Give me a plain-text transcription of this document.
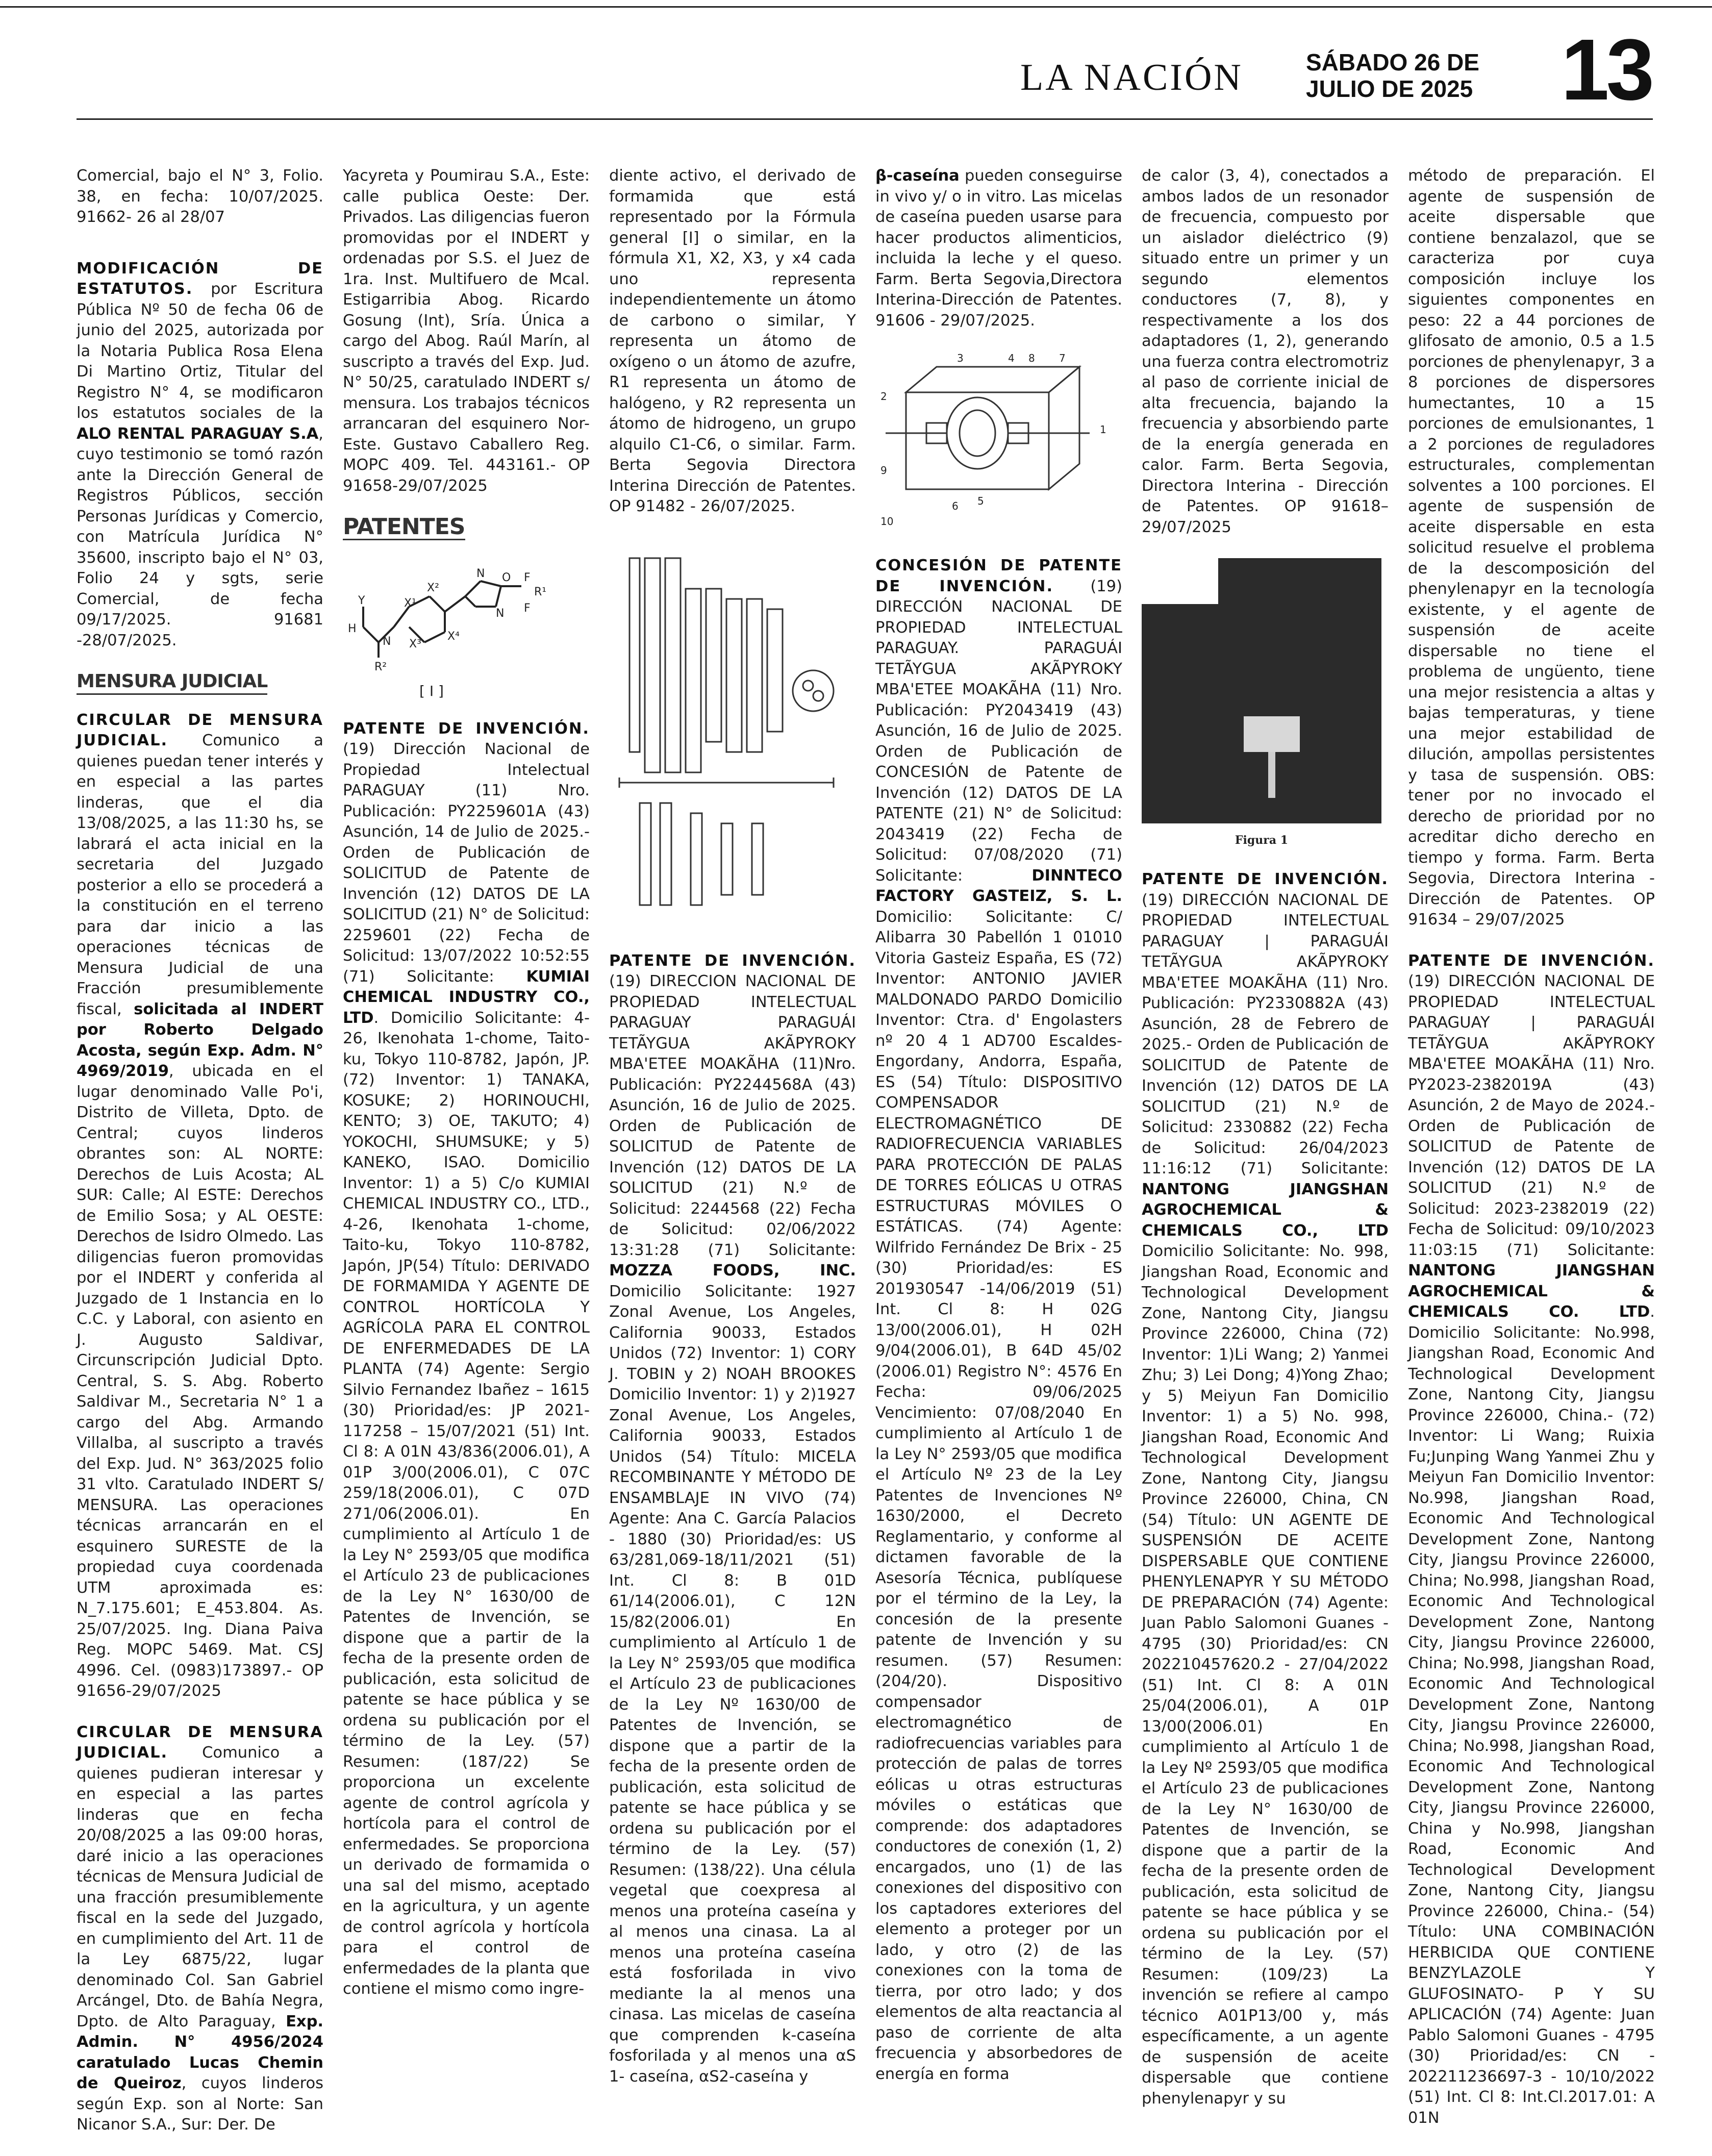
LA NACIÓN	SÁBADO 26 DE
JULIO DE 2025	13

Comercial, bajo el N° 3, Folio. 38, en fecha: 10/07/2025. 91662- 26 al 28/07

MODIFICACIÓN DE ESTATUTOS. por Escritura Pública Nº 50 de fecha 06 de junio del 2025, autorizada por la Notaria Publica Rosa Elena Di Martino Ortiz, Titular del Registro N° 4, se modificaron los estatutos sociales de la ALO RENTAL PARAGUAY S.A, cuyo testimonio se tomó razón ante la Dirección General de Registros Públicos, sección Personas Jurídicas y Comercio, con Matrícula Jurídica N° 35600, inscripto bajo el N° 03, Folio 24 y sgts, serie Comercial, de fecha 09/17/2025. 91681 -28/07/2025.

MENSURA JUDICIAL

CIRCULAR DE MENSURA JUDICIAL. Comunico a quienes puedan tener interés y en especial a las partes linderas, que el dia 13/08/2025, a las 11:30 hs, se labrará el acta inicial en la secretaria del Juzgado posterior a ello se procederá a la constitución en el terreno para dar inicio a las operaciones técnicas de Mensura Judicial de una Fracción presumiblemente fiscal, solicitada al INDERT por Roberto Delgado Acosta, según Exp. Adm. N° 4969/2019, ubicada en el lugar denominado Valle Po'i, Distrito de Villeta, Dpto. de Central; cuyos linderos obrantes son: AL NORTE: Derechos de Luis Acosta; AL SUR: Calle; Al ESTE: Derechos de Emilio Sosa; y AL OESTE: Derechos de Isidro Olmedo. Las diligencias fueron promovidas por el INDERT y conferida al Juzgado de 1 Instancia en lo C.C. y Laboral, con asiento en J. Augusto Saldivar, Circunscripción Judicial Dpto. Central, S. S. Abg. Roberto Saldivar M., Secretaria N° 1 a cargo del Abg. Armando Villalba, al suscripto a través del Exp. Jud. N° 363/2025 folio 31 vlto. Caratulado INDERT S/ MENSURA. Las operaciones técnicas arrancarán en el esquinero SURESTE de la propiedad cuya coordenada UTM aproximada es: N_7.175.601; E_453.804. As. 25/07/2025. Ing. Diana Paiva Reg. MOPC 5469. Mat. CSJ 4996. Cel. (0983)173897.- OP 91656-29/07/2025

CIRCULAR DE MENSURA JUDICIAL. Comunico a quienes pudieran interesar y en especial a las partes linderas que en fecha 20/08/2025 a las 09:00 horas, daré inicio a las operaciones técnicas de Mensura Judicial de una fracción presumiblemente fiscal en la sede del Juzgado, en cumplimiento del Art. 11 de la Ley 6875/22, lugar denominado Col. San Gabriel Arcángel, Dto. de Bahía Negra, Dpto. de Alto Paraguay, Exp. Admin. N° 4956/2024 caratulado Lucas Chemin de Queiroz, cuyos linderos según Exp. son al Norte: San Nicanor S.A., Sur: Der. De

Yacyreta y Poumirau S.A., Este: calle publica Oeste: Der. Privados. Las diligencias fueron promovidas por el INDERT y ordenadas por S.S. el Juez de 1ra. Inst. Multifuero de Mcal. Estigarribia Abog. Ricardo Gosung (Int), Sría. Única a cargo del Abog. Raúl Marín, al suscripto a través del Exp. Jud. N° 50/25, caratulado INDERT s/ mensura. Los trabajos técnicos arrancaran del esquinero Nor-Este. Gustavo Caballero Reg. MOPC 409. Tel. 443161.- OP 91658-29/07/2025

PATENTES
Y
H
N
R²
X¹
X²
X³
X⁴
N O
N
F
F
R¹
[ I ]

PATENTE DE INVENCIÓN. (19) Dirección Nacional de Propiedad Intelectual PARAGUAY (11) Nro. Publicación: PY2259601A (43) Asunción, 14 de Julio de 2025.- Orden de Publicación de SOLICITUD de Patente de Invención (12) DATOS DE LA SOLICITUD (21) N° de Solicitud: 2259601 (22) Fecha de Solicitud: 13/07/2022 10:52:55 (71) Solicitante: KUMIAI CHEMICAL INDUSTRY CO., LTD. Domicilio Solicitante: 4-26, Ikenohata 1-chome, Taito-ku, Tokyo 110-8782, Japón, JP. (72) Inventor: 1) TANAKA, KOSUKE; 2) HORINOUCHI, KENTO; 3) OE, TAKUTO; 4) YOKOCHI, SHUMSUKE; y 5) KANEKO, ISAO. Domicilio Inventor: 1) a 5) C/o KUMIAI CHEMICAL INDUSTRY CO., LTD., 4-26, Ikenohata 1-chome, Taito-ku, Tokyo 110-8782, Japón, JP(54) Título: DERIVADO DE FORMAMIDA Y AGENTE DE CONTROL HORTÍCOLA Y AGRÍCOLA PARA EL CONTROL DE ENFERMEDADES DE LA PLANTA (74) Agente: Sergio Silvio Fernandez Ibañez – 1615 (30) Prioridad/es: JP 2021-117258 – 15/07/2021 (51) Int. Cl 8: A 01N 43/836(2006.01), A 01P 3/00(2006.01), C 07C 259/18(2006.01), C 07D 271/06(2006.01). En cumplimiento al Artículo 1 de la Ley N° 2593/05 que modifica el Artículo 23 de publicaciones de la Ley N° 1630/00 de Patentes de Invención, se dispone que a partir de la fecha de la presente orden de publicación, esta solicitud de patente se hace pública y se ordena su publicación por el término de la Ley. (57) Resumen: (187/22) Se proporciona un excelente agente de control agrícola y hortícola para el control de enfermedades. Se proporciona un derivado de formamida o una sal del mismo, aceptado en la agricultura, y un agente de control agrícola y hortícola para el control de enfermedades de la planta que contiene el mismo como ingre-

diente activo, el derivado de formamida que está representado por la Fórmula general [I] o similar, en la fórmula X1, X2, X3, y x4 cada uno representa independientemente un átomo de carbono o similar, Y representa un átomo de oxígeno o un átomo de azufre, R1 representa un átomo de halógeno, y R2 representa un átomo de hidrogeno, un grupo alquilo C1-C6, o similar. Farm. Berta Segovia Directora Interina Dirección de Patentes. OP 91482 - 26/07/2025.

PATENTE DE INVENCIÓN. (19) DIRECCION NACIONAL DE PROPIEDAD INTELECTUAL PARAGUAY PARAGUÁI TETÃYGUA AKÃPYROKY MBA'ETEE MOAKÃHA (11)Nro. Publicación: PY2244568A (43) Asunción, 16 de Julio de 2025. Orden de Publicación de SOLICITUD de Patente de Invención (12) DATOS DE LA SOLICITUD (21) N.º de Solicitud: 2244568 (22) Fecha de Solicitud: 02/06/2022 13:31:28 (71) Solicitante: MOZZA FOODS, INC. Domicilio Solicitante: 1927 Zonal Avenue, Los Angeles, California 90033, Estados Unidos (72) Inventor: 1) CORY J. TOBIN y 2) NOAH BROOKES Domicilio Inventor: 1) y 2)1927 Zonal Avenue, Los Angeles, California 90033, Estados Unidos (54) Título: MICELA RECOMBINANTE Y MÉTODO DE ENSAMBLAJE IN VIVO (74) Agente: Ana C. García Palacios - 1880 (30) Prioridad/es: US 63/281,069-18/11/2021 (51) Int. Cl 8: B 01D 61/14(2006.01), C 12N 15/82(2006.01) En cumplimiento al Artículo 1 de la Ley N° 2593/05 que modifica el Artículo 23 de publicaciones de la Ley Nº 1630/00 de Patentes de Invención, se dispone que a partir de la fecha de la presente orden de publicación, esta solicitud de patente se hace pública y se ordena su publicación por el término de la Ley. (57) Resumen: (138/22). Una célula vegetal que coexpresa al menos una proteína caseína y al menos una cinasa. La al menos una proteína caseína está fosforilada in vivo mediante la al menos una cinasa. Las micelas de caseína que comprenden k-caseína fosforilada y al menos una αS 1- caseína, αS2-caseína y

β-caseína pueden conseguirse in vivo y/ o in vitro. Las micelas de caseína pueden usarse para hacer productos alimenticios, incluida la leche y el queso. Farm. Berta Segovia,Directora Interina-Dirección de Patentes. 91606 - 29/07/2025.

2
1
3	4
5
6
7
8
9
10

CONCESIÓN DE PATENTE DE INVENCIÓN. (19) DIRECCIÓN NACIONAL DE PROPIEDAD INTELECTUAL PARAGUAY. PARAGUÁI TETÃYGUA AKÃPYROKY MBA'ETEE MOAKÃHA (11) Nro. Publicación: PY2043419 (43) Asunción, 16 de Julio de 2025. Orden de Publicación de CONCESIÓN de Patente de Invención (12) DATOS DE LA PATENTE (21) N° de Solicitud: 2043419 (22) Fecha de Solicitud: 07/08/2020 (71) Solicitante: DINNTECO FACTORY GASTEIZ, S. L. Domicilio: Solicitante: C/ Alibarra 30 Pabellón 1 01010 Vitoria Gasteiz España, ES (72) Inventor: ANTONIO JAVIER MALDONADO PARDO Domicilio Inventor: Ctra. d' Engolasters nº 20 4 1 AD700 Escaldes- Engordany, Andorra, España, ES (54) Título: DISPOSITIVO COMPENSADOR ELECTROMAGNÉTICO DE RADIOFRECUENCIA VARIABLES PARA PROTECCIÓN DE PALAS DE TORRES EÓLICAS U OTRAS ESTRUCTURAS MÓVILES O ESTÁTICAS. (74) Agente: Wilfrido Fernández De Brix - 25 (30) Prioridad/es: ES 201930547 -14/06/2019 (51) Int. Cl 8: H 02G 13/00(2006.01), H 02H 9/04(2006.01), B 64D 45/02 (2006.01) Registro N°: 4576 En Fecha: 09/06/2025 Vencimiento: 07/08/2040 En cumplimiento al Artículo 1 de la Ley N° 2593/05 que modifica el Artículo Nº 23 de la Ley Patentes de Invenciones Nº 1630/2000, el Decreto Reglamentario, y conforme al dictamen favorable de la Asesoría Técnica, publíquese por el término de la Ley, la concesión de la presente patente de Invención y su resumen. (57) Resumen: (204/20). Dispositivo compensador electromagnético de radiofrecuencias variables para protección de palas de torres eólicas u otras estructuras móviles o estáticas que comprende: dos adaptadores conductores de conexión (1, 2) encargados, uno (1) de las conexiones del dispositivo con los captadores exteriores del elemento a proteger por un lado, y otro (2) de las conexiones con la toma de tierra, por otro lado; y dos elementos de alta reactancia al paso de corriente de alta frecuencia y absorbedores de energía en forma

de calor (3, 4), conectados a ambos lados de un resonador de frecuencia, compuesto por un aislador dieléctrico (9) situado entre un primer y un segundo elementos conductores (7, 8), y respectivamente a los dos adaptadores (1, 2), generando una fuerza contra electromotriz al paso de corriente inicial de alta frecuencia, bajando la frecuencia y absorbiendo parte de la energía generada en calor. Farm. Berta Segovia, Directora Interina - Dirección de Patentes. OP 91618– 29/07/2025

Figura 1

PATENTE DE INVENCIÓN. (19) DIRECCIÓN NACIONAL DE PROPIEDAD INTELECTUAL PARAGUAY | PARAGUÁI TETÃYGUA AKÃPYROKY MBA'ETEE MOAKÃHA (11) Nro. Publicación: PY2330882A (43) Asunción, 28 de Febrero de 2025.- Orden de Publicación de SOLICITUD de Patente de Invención (12) DATOS DE LA SOLICITUD (21) N.º de Solicitud: 2330882 (22) Fecha de Solicitud: 26/04/2023 11:16:12 (71) Solicitante: NANTONG JIANGSHAN AGROCHEMICAL & CHEMICALS CO., LTD Domicilio Solicitante: No. 998, Jiangshan Road, Economic and Technological Development Zone, Nantong City, Jiangsu Province 226000, China (72) Inventor: 1)Li Wang; 2) Yanmei Zhu; 3) Lei Dong; 4)Yong Zhao; y 5) Meiyun Fan Domicilio Inventor: 1) a 5) No. 998, Jiangshan Road, Economic And Technological Development Zone, Nantong City, Jiangsu Province 226000, China, CN (54) Título: UN AGENTE DE SUSPENSIÓN DE ACEITE DISPERSABLE QUE CONTIENE PHENYLENAPYR Y SU MÉTODO DE PREPARACIÓN (74) Agente: Juan Pablo Salomoni Guanes - 4795 (30) Prioridad/es: CN 202210457620.2 - 27/04/2022 (51) Int. Cl 8: A 01N 25/04(2006.01), A 01P 13/00(2006.01) En cumplimiento al Artículo 1 de la Ley Nº 2593/05 que modifica el Artículo 23 de publicaciones de la Ley N° 1630/00 de Patentes de Invención, se dispone que a partir de la fecha de la presente orden de publicación, esta solicitud de patente se hace pública y se ordena su publicación por el término de la Ley. (57) Resumen: (109/23) La invención se refiere al campo técnico A01P13/00 y, más específicamente, a un agente de suspensión de aceite dispersable que contiene phenylenapyr y su

método de preparación. El agente de suspensión de aceite dispersable que contiene benzalazol, que se caracteriza por cuya composición incluye los siguientes componentes en peso: 22 a 44 porciones de glifosato de amonio, 0.5 a 1.5 porciones de phenylenapyr, 3 a 8 porciones de dispersores humectantes, 10 a 15 porciones de emulsionantes, 1 a 2 porciones de reguladores estructurales, complementan solventes a 100 porciones. El agente de suspensión de aceite dispersable en esta solicitud resuelve el problema de la descomposición del phenylenapyr en la tecnología existente, y el agente de suspensión de aceite dispersable no tiene el problema de ungüento, tiene una mejor resistencia a altas y bajas temperaturas, y tiene una mejor estabilidad de dilución, ampollas persistentes y tasa de suspensión. OBS: tener por no invocado el derecho de prioridad por no acreditar dicho derecho en tiempo y forma. Farm. Berta Segovia, Directora Interina - Dirección de Patentes. OP 91634 – 29/07/2025

PATENTE DE INVENCIÓN. (19) DIRECCIÓN NACIONAL DE PROPIEDAD INTELECTUAL PARAGUAY | PARAGUÁI TETÃYGUA AKÃPYROKY MBA'ETEE MOAKÃHA (11) Nro. PY2023-2382019A (43) Asunción, 2 de Mayo de 2024.- Orden de Publicación de SOLICITUD de Patente de Invención (12) DATOS DE LA SOLICITUD (21) N.º de Solicitud: 2023-2382019 (22) Fecha de Solicitud: 09/10/2023 11:03:15 (71) Solicitante: NANTONG JIANGSHAN AGROCHEMICAL & CHEMICALS CO. LTD. Domicilio Solicitante: No.998, Jiangshan Road, Economic And Technological Development Zone, Nantong City, Jiangsu Province 226000, China.- (72) Inventor: Li Wang; Ruixia Fu;Junping Wang Yanmei Zhu y Meiyun Fan Domicilio Inventor: No.998, Jiangshan Road, Economic And Technological Development Zone, Nantong City, Jiangsu Province 226000, China; No.998, Jiangshan Road, Economic And Technological Development Zone, Nantong City, Jiangsu Province 226000, China; No.998, Jiangshan Road, Economic And Technological Development Zone, Nantong City, Jiangsu Province 226000, China; No.998, Jiangshan Road, Economic And Technological Development Zone, Nantong City, Jiangsu Province 226000, China y No.998, Jiangshan Road, Economic And Technological Development Zone, Nantong City, Jiangsu Province 226000, China.- (54) Título: UNA COMBINACIÓN HERBICIDA QUE CONTIENE BENZYLAZOLE Y GLUFOSINATO- P Y SU APLICACIÓN (74) Agente: Juan Pablo Salomoni Guanes - 4795 (30) Prioridad/es: CN - 202211236697-3 - 10/10/2022 (51) Int. Cl 8: Int.Cl.2017.01: A 01N
